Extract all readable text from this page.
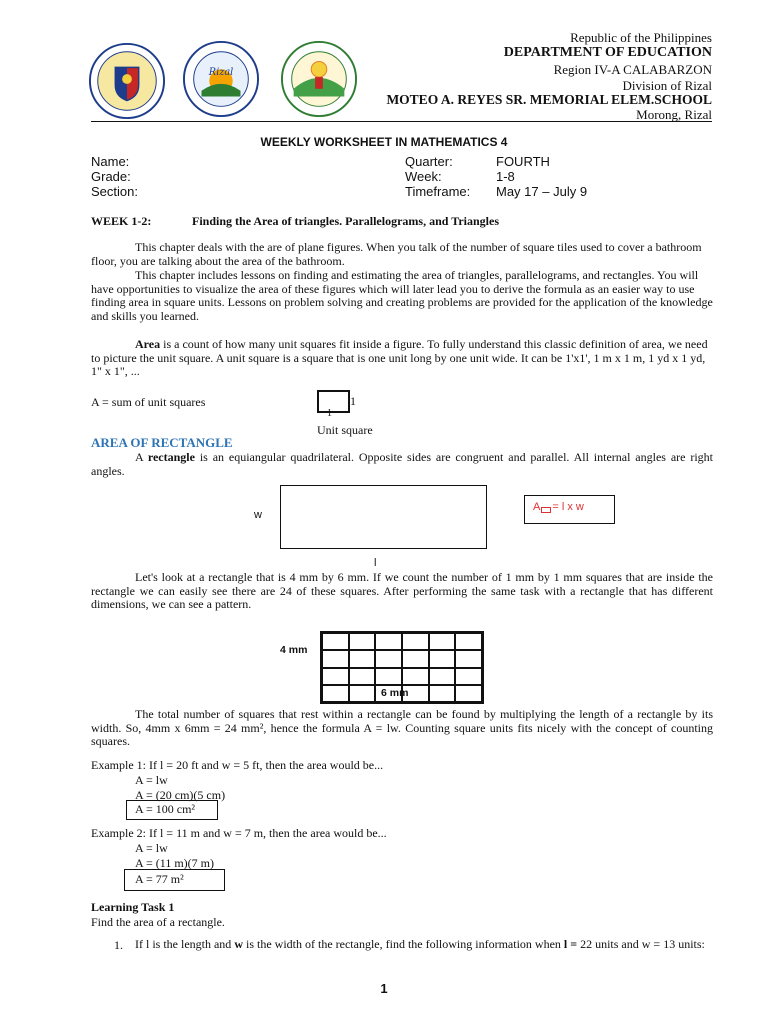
Rizal
Republic of the Philippines
DEPARTMENT OF EDUCATION
Region IV-A CALABARZON
Division of Rizal
MOTEO A. REYES SR. MEMORIAL ELEM.SCHOOL
Morong, Rizal
WEEKLY WORKSHEET IN MATHEMATICS 4
Name:
Grade:
Section:
Quarter:	FOURTH
Week:	1-8
Timeframe: May 17 – July 9
WEEK 1-2:	Finding the Area of triangles. Parallelograms, and Triangles

This chapter deals with the are of plane figures. When you talk of the number of square tiles used to cover a bathroom floor, you are talking about the area of the bathroom.

This chapter includes lessons on finding and estimating the area of triangles, parallelograms, and rectangles. You will have opportunities to visualize the area of these figures which will later lead you to derive the formula as an easier way to use finding area in square units. Lessons on problem solving and creating problems are provided for the application of the knowledge and skills you learned.

Area is a count of how many unit squares fit inside a figure. To fully understand this classic definition of area, we need to picture the unit square. A unit square is a square that is one unit long by one unit wide. It can be 1'x1', 1 m x 1 m, 1 yd x 1 yd, 1" x 1", ...

A = sum of unit squares	1
1
Unit square
AREA OF RECTANGLE

A rectangle is an equiangular quadrilateral. Opposite sides are congruent and parallel. All internal angles are right angles.

w
l
A = l x w

Let's look at a rectangle that is 4 mm by 6 mm. If we count the number of 1 mm by 1 mm squares that are inside the rectangle we can easily see there are 24 of these squares. After performing the same task with a rectangle that has different dimensions, we can see a pattern.

4 mm
6 mm

The total number of squares that rest within a rectangle can be found by multiplying the length of a rectangle by its width. So, 4mm x 6mm = 24 mm², hence the formula A = lw. Counting square units fits nicely with the concept of counting squares.

Example 1: If l = 20 ft and w = 5 ft, then the area would be...
A = lw
A = (20 cm)(5 cm)
A = 100 cm²
Example 2: If l = 11 m and w = 7 m, then the area would be...
A = lw
A = (11 m)(7 m)
A = 77 m²
Learning Task 1
Find the area of a rectangle.
1. If l is the length and w is the width of the rectangle, find the following information when l = 22 units and w = 13 units:

1
